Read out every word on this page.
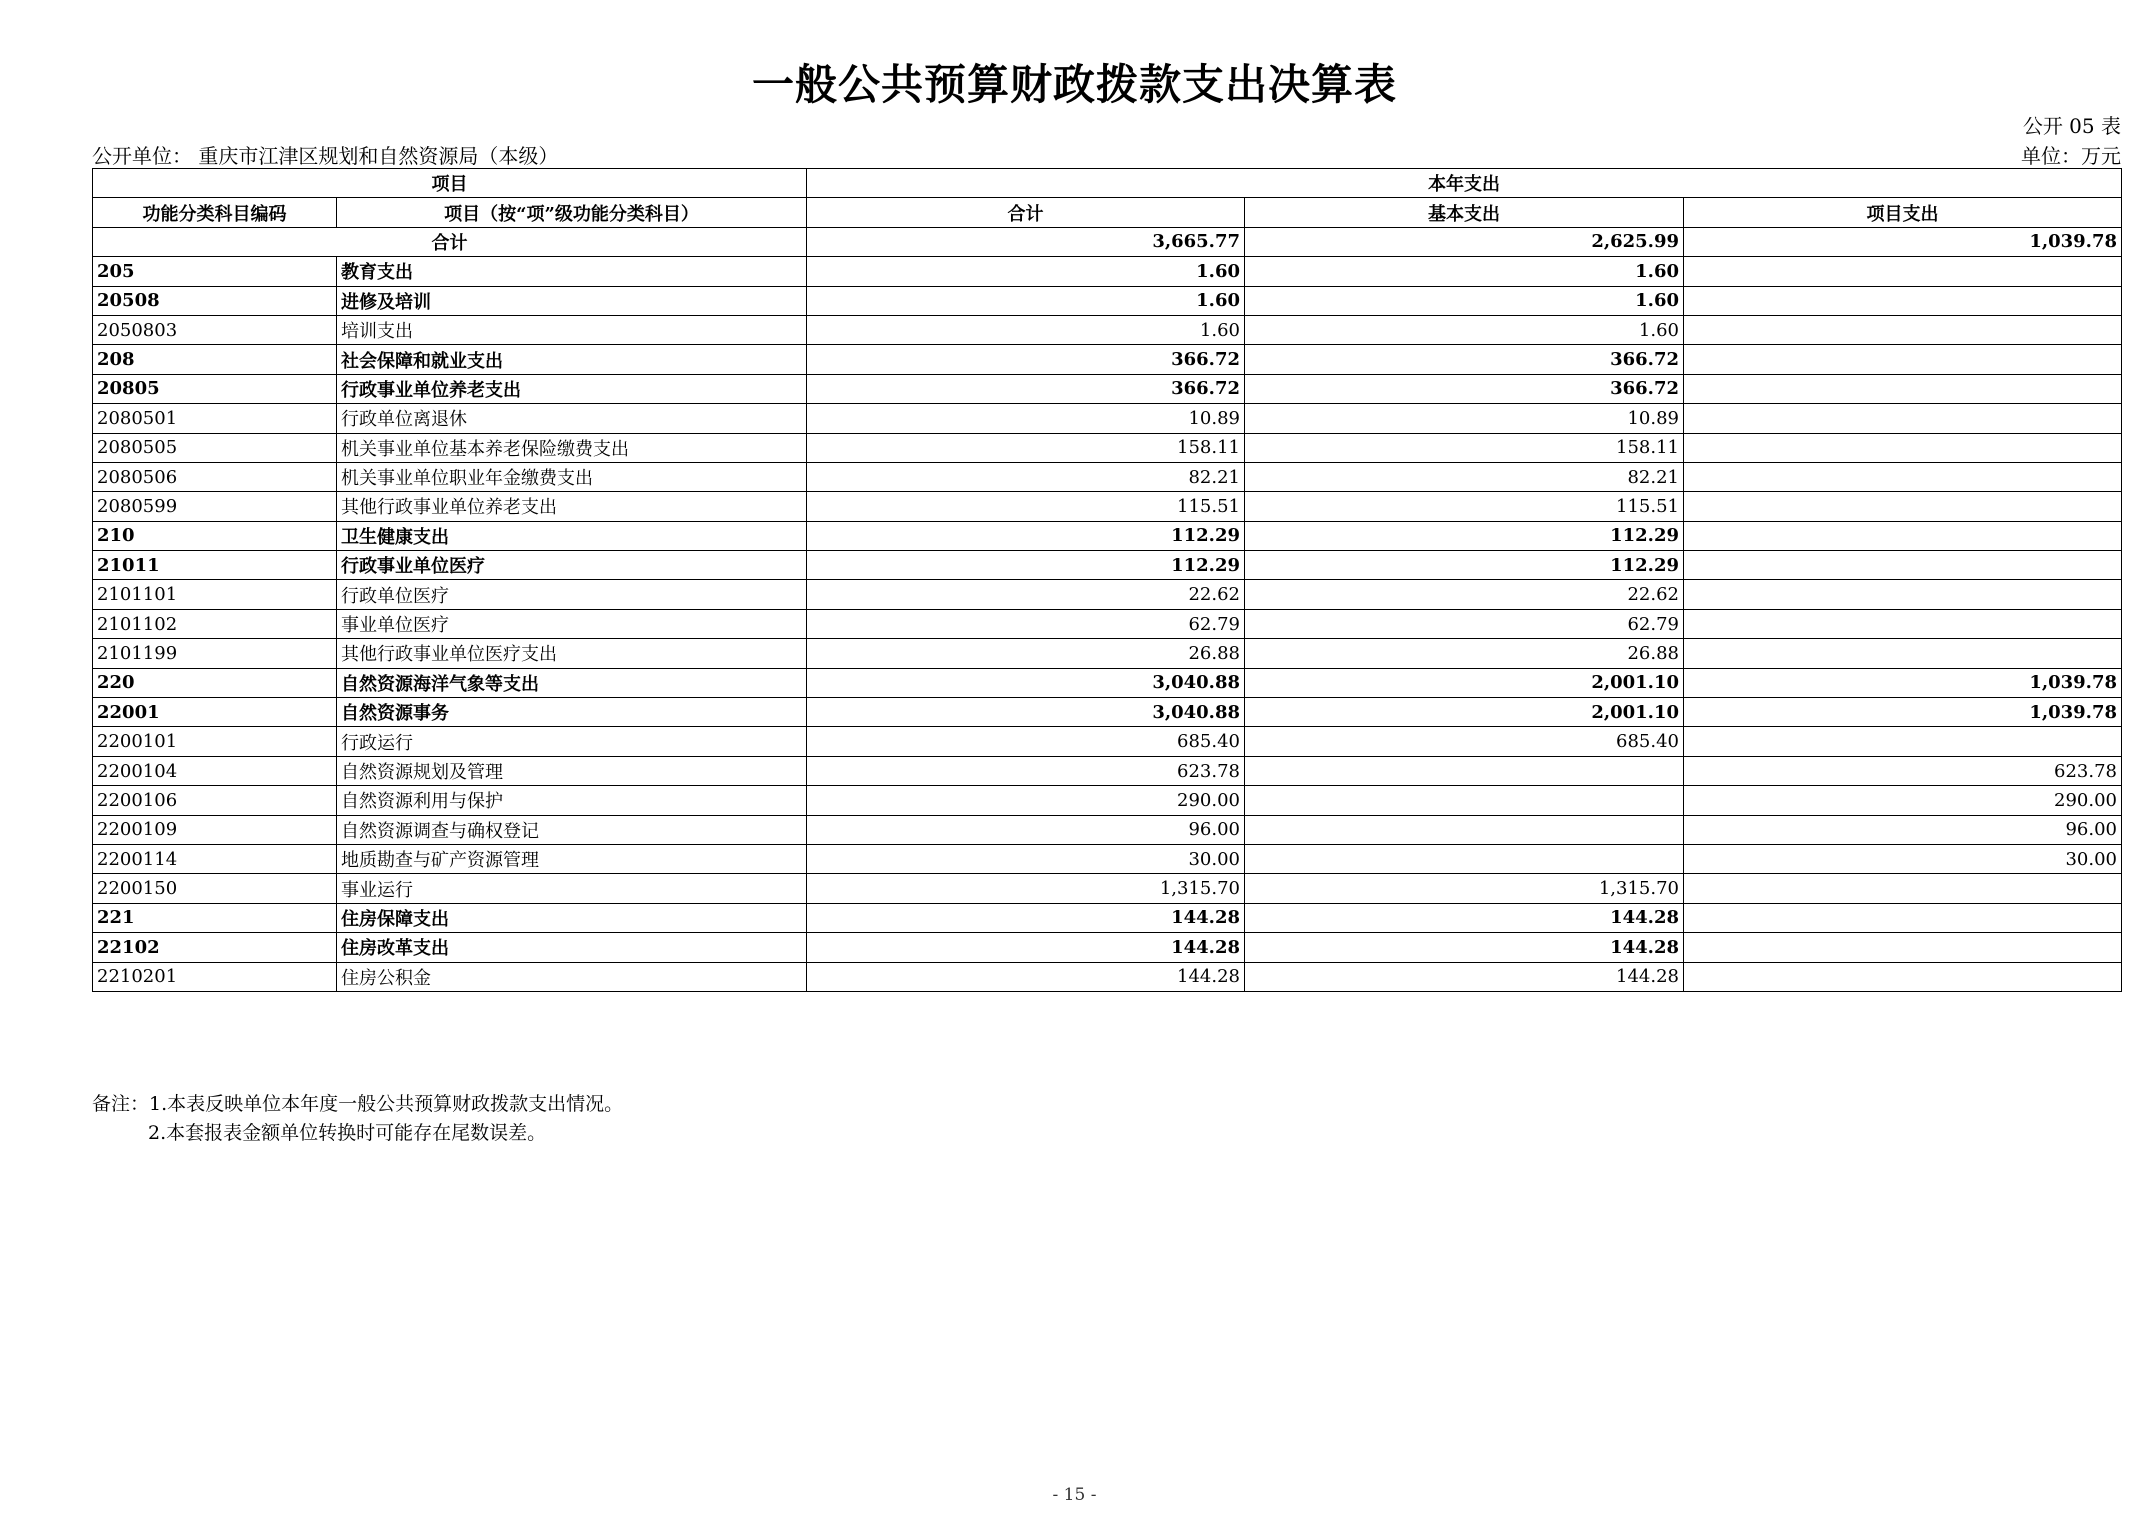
一般公共预算财政拨款支出决算表
公开 05 表
公开单位： 重庆市江津区规划和自然资源局（本级）	单位：万元
项目		本年支出		
功能分类科目编码	项目（按“项”级功能分类科目）	合计	基本支出	项目支出
合计		3,665.77	2,625.99	1,039.78
205	教育支出	1.60	1.60	
20508	进修及培训	1.60	1.60	
2050803	培训支出	1.60	1.60	
208	社会保障和就业支出	366.72	366.72	
20805	行政事业单位养老支出	366.72	366.72	
2080501	行政单位离退休	10.89	10.89	
2080505	机关事业单位基本养老保险缴费支出	158.11	158.11	
2080506	机关事业单位职业年金缴费支出	82.21	82.21	
2080599	其他行政事业单位养老支出	115.51	115.51	
210	卫生健康支出	112.29	112.29	
21011	行政事业单位医疗	112.29	112.29	
2101101	行政单位医疗	22.62	22.62	
2101102	事业单位医疗	62.79	62.79	
2101199	其他行政事业单位医疗支出	26.88	26.88	
220	自然资源海洋气象等支出	3,040.88	2,001.10	1,039.78
22001	自然资源事务	3,040.88	2,001.10	1,039.78
2200101	行政运行	685.40	685.40	
2200104	自然资源规划及管理	623.78		623.78
2200106	自然资源利用与保护	290.00		290.00
2200109	自然资源调查与确权登记	96.00		96.00
2200114	地质勘查与矿产资源管理	30.00		30.00
2200150	事业运行	1,315.70	1,315.70	
221	住房保障支出	144.28	144.28	
22102	住房改革支出	144.28	144.28	
2210201	住房公积金	144.28	144.28	
备注：1.本表反映单位本年度一般公共预算财政拨款支出情况。
2.本套报表金额单位转换时可能存在尾数误差。
- 15 -
